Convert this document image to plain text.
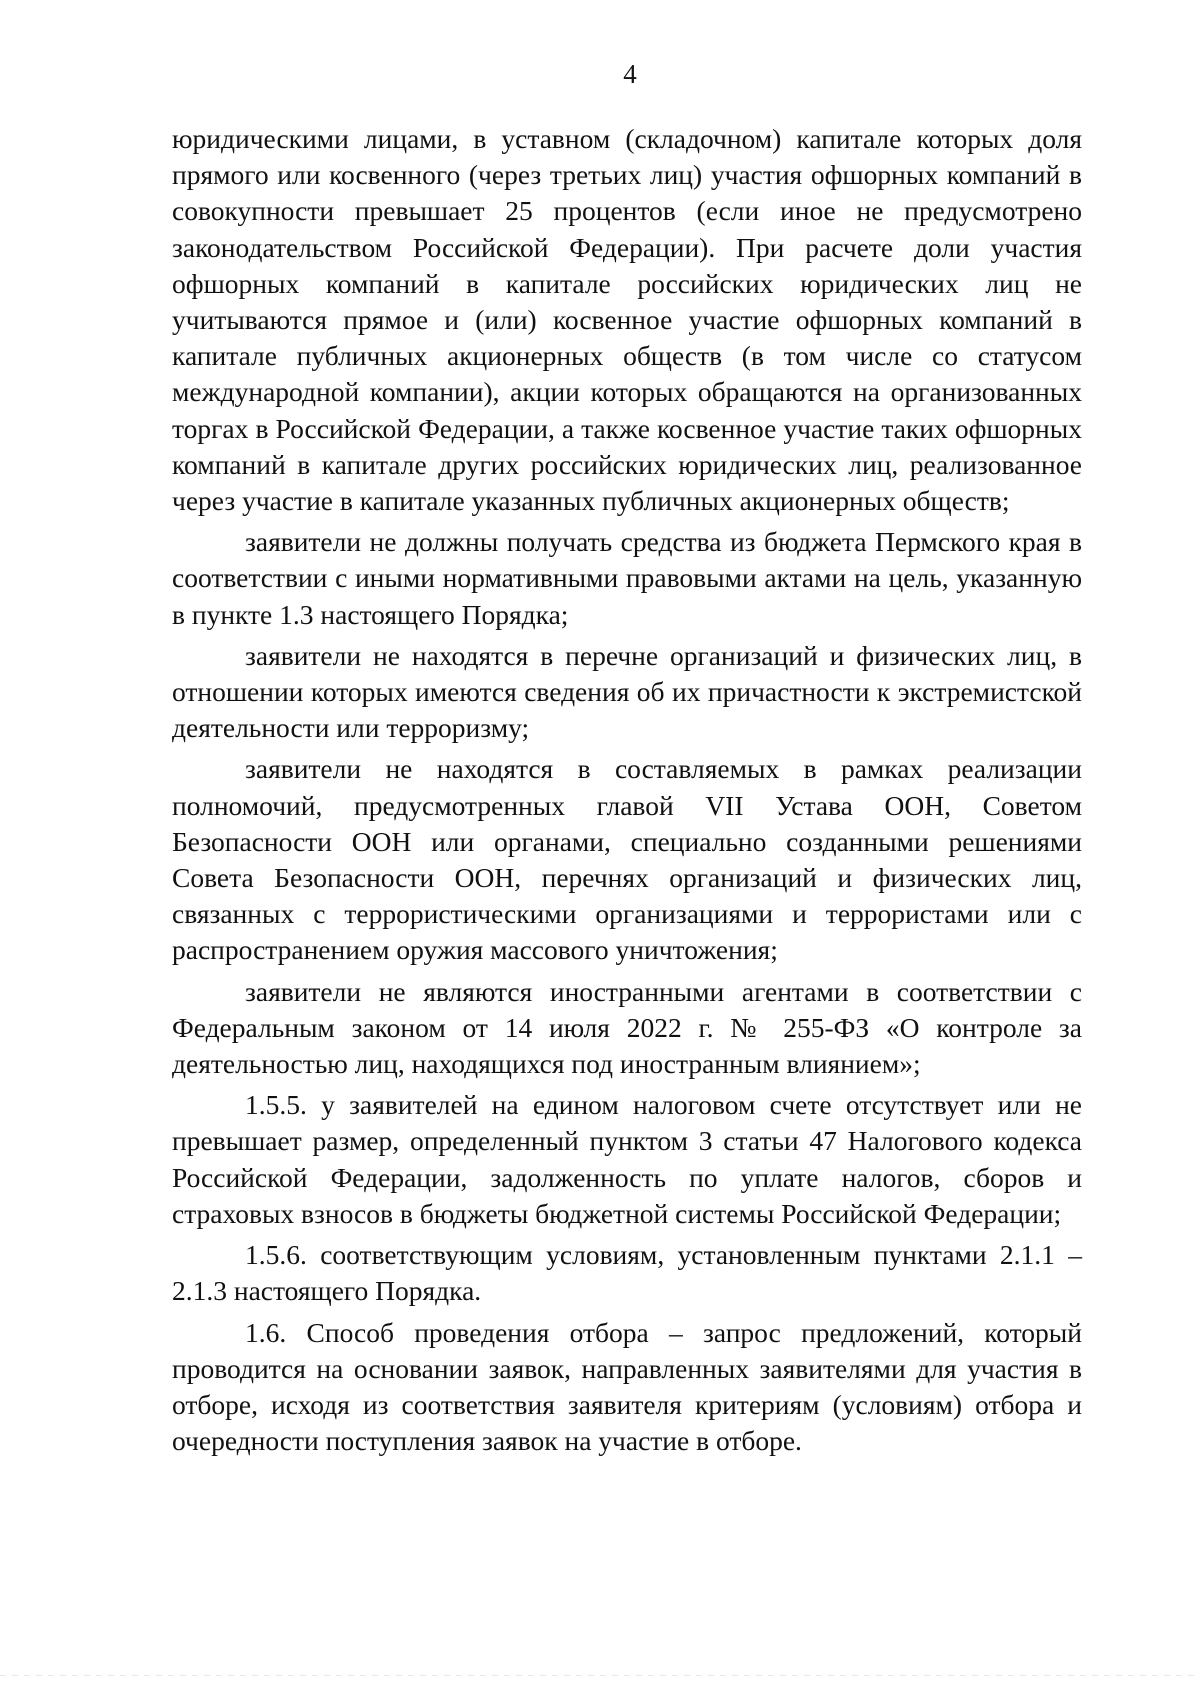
4

юридическими лицами, в уставном (складочном) капитале которых доля прямого или косвенного (через третьих лиц) участия офшорных компаний в совокупности превышает 25 процентов (если иное не предусмотрено законодательством Российской Федерации). При расчете доли участия офшорных компаний в капитале российских юридических лиц не учитываются прямое и (или) косвенное участие офшорных компаний в капитале публичных акционерных обществ (в том числе со статусом международной компании), акции которых обращаются на организованных торгах в Российской Федерации, а также косвенное участие таких офшорных компаний в капитале других российских юридических лиц, реализованное через участие в капитале указанных публичных акционерных обществ;

заявители не должны получать средства из бюджета Пермского края в соответствии с иными нормативными правовыми актами на цель, указанную в пункте 1.3 настоящего Порядка;

заявители не находятся в перечне организаций и физических лиц, в отношении которых имеются сведения об их причастности к экстремистской деятельности или терроризму;

заявители не находятся в составляемых в рамках реализации полномочий, предусмотренных главой VII Устава ООН, Советом Безопасности ООН или органами, специально созданными решениями Совета Безопасности ООН, перечнях организаций и физических лиц, связанных с террористическими организациями и террористами или с распространением оружия массового уничтожения;

заявители не являются иностранными агентами в соответствии с Федеральным законом от 14 июля 2022 г. № 255-ФЗ «О контроле за деятельностью лиц, находящихся под иностранным влиянием»;

1.5.5. у заявителей на едином налоговом счете отсутствует или не превышает размер, определенный пунктом 3 статьи 47 Налогового кодекса Российской Федерации, задолженность по уплате налогов, сборов и страховых взносов в бюджеты бюджетной системы Российской Федерации;

1.5.6. соответствующим условиям, установленным пунктами 2.1.1 – 2.1.3 настоящего Порядка.

1.6. Способ проведения отбора – запрос предложений, который проводится на основании заявок, направленных заявителями для участия в отборе, исходя из соответствия заявителя критериям (условиям) отбора и очередности поступления заявок на участие в отборе.
